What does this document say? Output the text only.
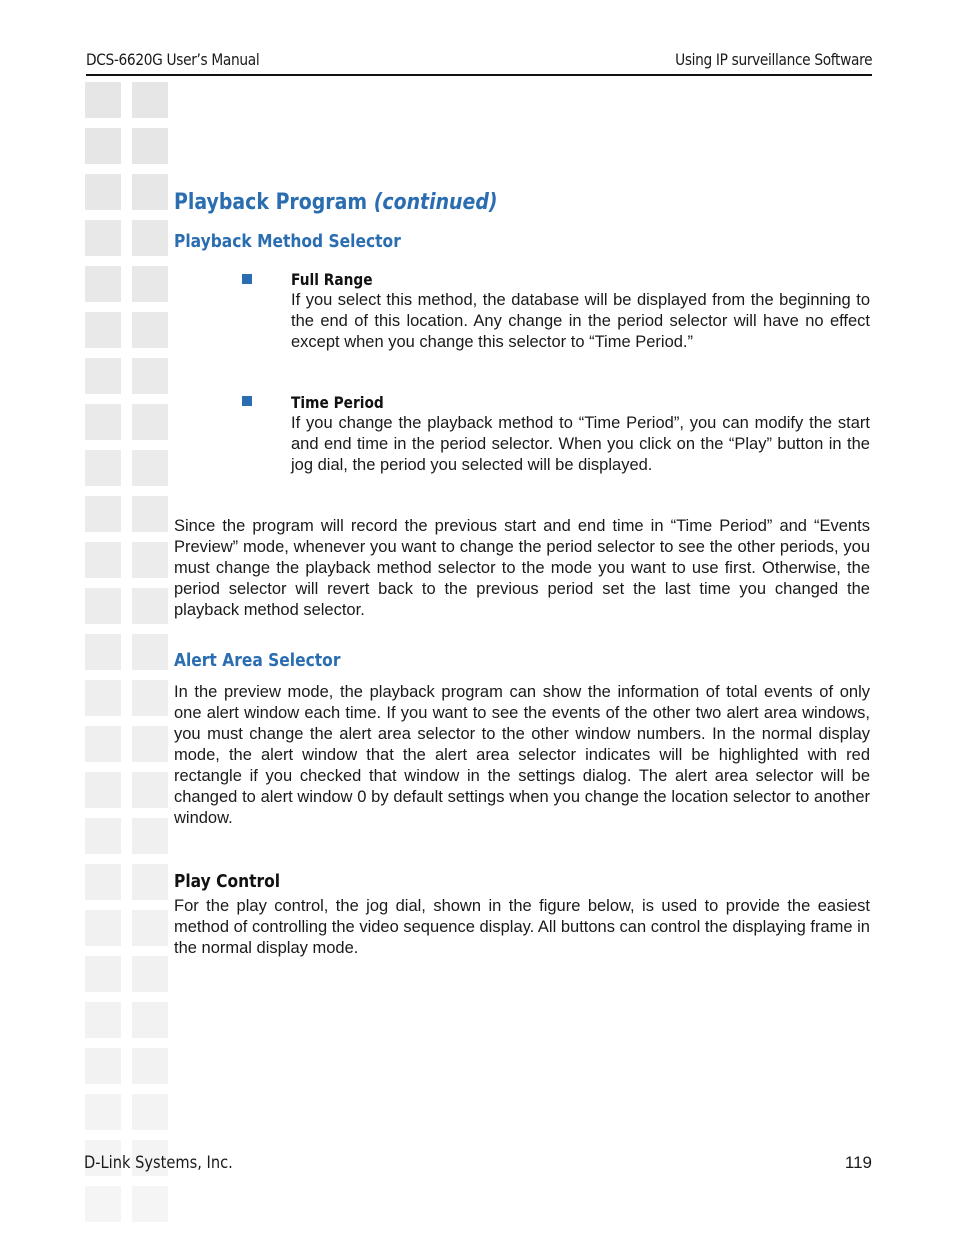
DCS-6620G User’s Manual	Using IP surveillance Software
Playback Program (continued)
Playback Method Selector
Full Range
If you select this method, the database will be displayed from the beginning to the end of this location. Any change in the period selector will have no effect except when you change this selector to “Time Period.”
Time Period
If you change the playback method to “Time Period”, you can modify the start and end time in the period selector. When you click on the “Play” button in the jog dial, the period you selected will be displayed.
Since the program will record the previous start and end time in “Time Period” and “Events Preview” mode, whenever you want to change the period selector to see the other periods, you must change the playback method selector to the mode you want to use first. Otherwise, the period selector will revert back to the previous period set the last time you changed the playback method selector.
Alert Area Selector
In the preview mode, the playback program can show the information of total events of only one alert window each time. If you want to see the events of the other two alert area windows, you must change the alert area selector to the other window numbers. In the normal display mode, the alert window that the alert area selector indicates will be highlighted with red rectangle if you checked that window in the settings dialog. The alert area selector will be changed to alert window 0 by default settings when you change the location selector to another window.
Play Control
For the play control, the jog dial, shown in the figure below, is used to provide the easiest method of controlling the video sequence display. All buttons can control the displaying frame in the normal display mode.
D-Link Systems, Inc.	119
